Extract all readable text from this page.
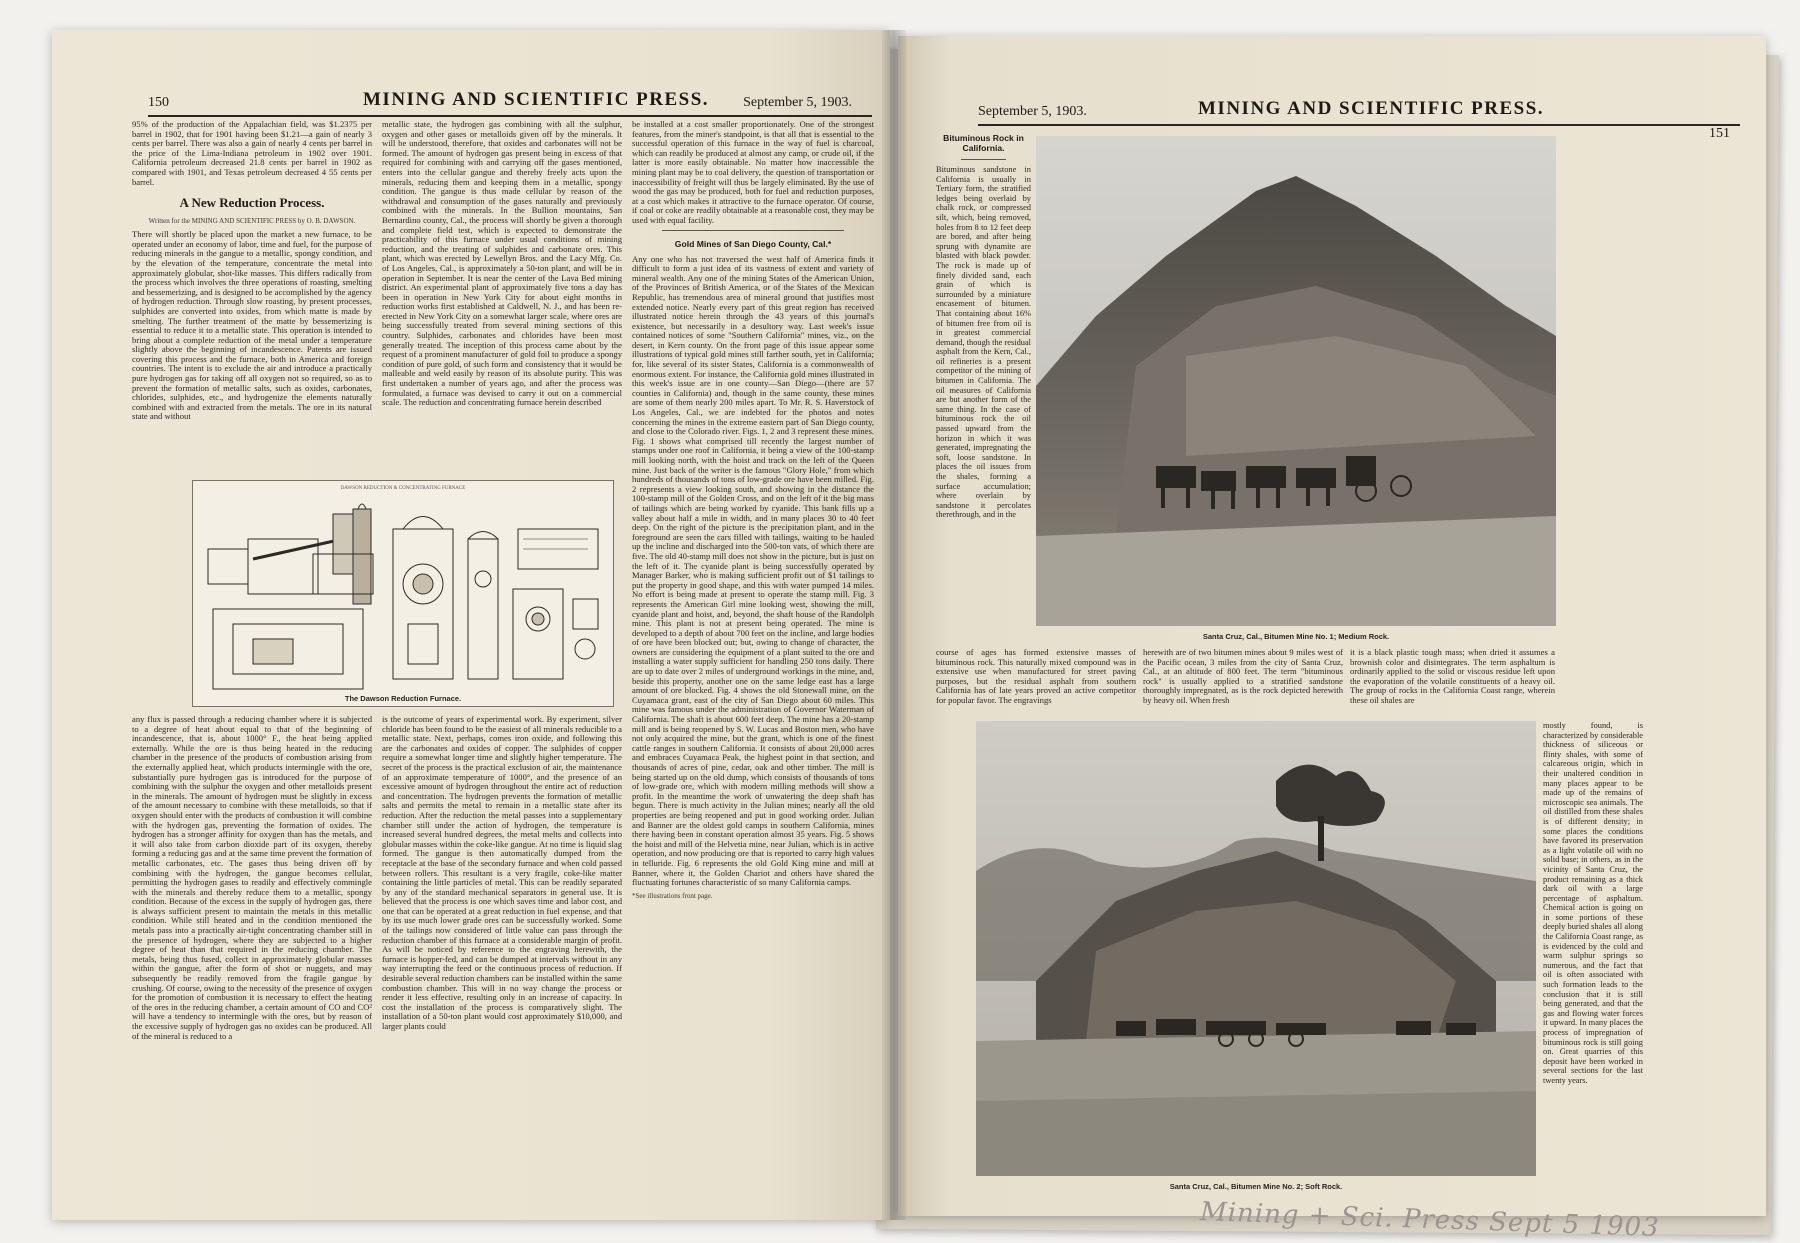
150	MINING AND SCIENTIFIC PRESS. September 5, 1903.

95% of the production of the Appalachian field, was $1.2375 per barrel in 1902, that for 1901 having been $1.21—a gain of nearly 3 cents per barrel. There was also a gain of nearly 4 cents per barrel in the price of the Lima-Indiana petroleum in 1902 over 1901. California petroleum decreased 21.8 cents per barrel in 1902 as compared with 1901, and Texas petroleum decreased 4 55 cents per barrel.

A New Reduction Process.
Written for the MINING AND SCIENTIFIC PRESS by O. B. DAWSON.

There will shortly be placed upon the market a new furnace, to be operated under an economy of labor, time and fuel, for the purpose of reducing minerals in the gangue to a metallic, spongy condition, and by the elevation of the temperature, concentrate the metal into approximately globular, shot-like masses. This differs radically from the process which involves the three operations of roasting, smelting and bessemerizing, and is designed to be accomplished by the agency of hydrogen reduction. Through slow roasting, by present processes, sulphides are converted into oxides, from which matte is made by smelting. The further treatment of the matte by bessemerizing is essential to reduce it to a metallic state. This operation is intended to bring about a complete reduction of the metal under a temperature slightly above the beginning of incandescence. Patents are issued covering this process and the furnace, both in America and foreign countries. The intent is to exclude the air and introduce a practically pure hydrogen gas for taking off all oxygen not so required, so as to prevent the formation of metallic salts, such as oxides, carbonates, chlorides, sulphides, etc., and hydrogenize the elements naturally combined with and extracted from the metals. The ore in its natural state and without

metallic state, the hydrogen gas combining with all the sulphur, oxygen and other gases or metalloids given off by the minerals. It will be understood, therefore, that oxides and carbonates will not be formed. The amount of hydrogen gas present being in excess of that required for combining with and carrying off the gases mentioned, enters into the cellular gangue and thereby freely acts upon the minerals, reducing them and keeping them in a metallic, spongy condition. The gangue is thus made cellular by reason of the withdrawal and consumption of the gases naturally and previously combined with the minerals. In the Bullion mountains, San Bernardino county, Cal., the process will shortly be given a thorough and complete field test, which is expected to demonstrate the practicability of this furnace under usual conditions of mining reduction, and the treating of sulphides and carbonate ores. This plant, which was erected by Lewellyn Bros. and the Lacy Mfg. Co. of Los Angeles, Cal., is approximately a 50-ton plant, and will be in operation in September. It is near the center of the Lava Bed mining district. An experimental plant of approximately five tons a day has been in operation in New York City for about eight months in reduction works first established at Caldwell, N. J., and has been re-erected in New York City on a somewhat larger scale, where ores are being successfully treated from several mining sections of this country. Sulphides, carbonates and chlorides have been most generally treated. The inception of this process came about by the request of a prominent manufacturer of gold foil to produce a spongy condition of pure gold, of such form and consistency that it would be malleable and weld easily by reason of its absolute purity. This was first undertaken a number of years ago, and after the process was formulated, a furnace was devised to carry it out on a commercial scale. The reduction and concentrating furnace herein described

be installed at a cost smaller proportionately. One of the strongest features, from the miner's standpoint, is that all that is essential to the successful operation of this furnace in the way of fuel is charcoal, which can readily be produced at almost any camp, or crude oil, if the latter is more easily obtainable. No matter how inaccessible the mining plant may be to coal delivery, the question of transportation or inaccessibility of freight will thus be largely eliminated. By the use of wood the gas may be produced, both for fuel and reduction purposes, at a cost which makes it attractive to the furnace operator. Of course, if coal or coke are readily obtainable at a reasonable cost, they may be used with equal facility.

Gold Mines of San Diego County, Cal.*

Any one who has not traversed the west half of America finds it difficult to form a just idea of its vastness of extent and variety of mineral wealth. Any one of the mining States of the American Union, of the Provinces of British America, or of the States of the Mexican Republic, has tremendous area of mineral ground that justifies most extended notice. Nearly every part of this great region has received illustrated notice herein through the 43 years of this journal's existence, but necessarily in a desultory way. Last week's issue contained notices of some "Southern California" mines, viz., on the desert, in Kern county. On the front page of this issue appear some illustrations of typical gold mines still farther south, yet in California; for, like several of its sister States, California is a commonwealth of enormous extent. For instance, the California gold mines illustrated in this week's issue are in one county—San Diego—(there are 57 counties in California) and, though in the same county, these mines are some of them nearly 200 miles apart. To Mr. R. S. Haverstock of Los Angeles, Cal., we are indebted for the photos and notes concerning the mines in the extreme eastern part of San Diego county, and close to the Colorado river. Figs. 1, 2 and 3 represent these mines. Fig. 1 shows what comprised till recently the largest number of stamps under one roof in California, it being a view of the 100-stamp mill looking north, with the hoist and track on the left of the Queen mine. Just back of the writer is the famous "Glory Hole," from which hundreds of thousands of tons of low-grade ore have been milled. Fig. 2 represents a view looking south, and showing in the distance the 100-stamp mill of the Golden Cross, and on the left of it the big mass of tailings which are being worked by cyanide. This bank fills up a valley about half a mile in width, and in many places 30 to 40 feet deep. On the right of the picture is the precipitation plant, and in the foreground are seen the cars filled with tailings, waiting to be hauled up the incline and discharged into the 500-ton vats, of which there are five. The old 40-stamp mill does not show in the picture, but is just on the left of it. The cyanide plant is being successfully operated by Manager Barker, who is making sufficient profit out of $1 tailings to put the property in good shape, and this with water pumped 14 miles. No effort is being made at present to operate the stamp mill. Fig. 3 represents the American Girl mine looking west, showing the mill, cyanide plant and hoist, and, beyond, the shaft house of the Randolph mine. This plant is not at present being operated. The mine is developed to a depth of about 700 feet on the incline, and large bodies of ore have been blocked out; but, owing to change of character, the owners are considering the equipment of a plant suited to the ore and installing a water supply sufficient for handling 250 tons daily. There are up to date over 2 miles of underground workings in the mine, and, beside this property, another one on the same ledge east has a large amount of ore blocked. Fig. 4 shows the old Stonewall mine, on the Cuyamaca grant, east of the city of San Diego about 60 miles. This mine was famous under the administration of Governor Waterman of California. The shaft is about 600 feet deep. The mine has a 20-stamp mill and is being reopened by S. W. Lucas and Boston men, who have not only acquired the mine, but the grant, which is one of the finest cattle ranges in southern California. It consists of about 20,000 acres and embraces Cuyamaca Peak, the highest point in that section, and thousands of acres of pine, cedar, oak and other timber. The mill is being started up on the old dump, which consists of thousands of tons of low-grade ore, which with modern milling methods will show a profit. In the meantime the work of unwatering the deep shaft has begun. There is much activity in the Julian mines; nearly all the old properties are being reopened and put in good working order. Julian and Banner are the oldest gold camps in southern California, mines there having been in constant operation almost 35 years. Fig. 5 shows the hoist and mill of the Helvetia mine, near Julian, which is in active operation, and now producing ore that is reported to carry high values in telluride. Fig. 6 represents the old Gold King mine and mill at Banner, where it, the Golden Chariot and others have shared the fluctuating fortunes characteristic of so many California camps.

*See illustrations front page.
DAWSON REDUCTION & CONCENTRATING FURNACE
The Dawson Reduction Furnace.

any flux is passed through a reducing chamber where it is subjected to a degree of heat about equal to that of the beginning of incandescence, that is, about 1000° F., the heat being applied externally. While the ore is thus being heated in the reducing chamber in the presence of the products of combustion arising from the externally applied heat, which products intermingle with the ore, substantially pure hydrogen gas is introduced for the purpose of combining with the sulphur the oxygen and other metalloids present in the minerals. The amount of hydrogen must be slightly in excess of the amount necessary to combine with these metalloids, so that if oxygen should enter with the products of combustion it will combine with the hydrogen gas, preventing the formation of oxides. The hydrogen has a stronger affinity for oxygen than has the metals, and it will also take from carbon dioxide part of its oxygen, thereby forming a reducing gas and at the same time prevent the formation of metallic carbonates, etc. The gases thus being driven off by combining with the hydrogen, the gangue becomes cellular, permitting the hydrogen gases to readily and effectively commingle with the minerals and thereby reduce them to a metallic, spongy condition. Because of the excess in the supply of hydrogen gas, there is always sufficient present to maintain the metals in this metallic condition. While still heated and in the condition mentioned the metals pass into a practically air-tight concentrating chamber still in the presence of hydrogen, where they are subjected to a higher degree of heat than that required in the reducing chamber. The metals, being thus fused, collect in approximately globular masses within the gangue, after the form of shot or nuggets, and may subsequently be readily removed from the fragile gangue by crushing. Of course, owing to the necessity of the presence of oxygen for the promotion of combustion it is necessary to effect the heating of the ores in the reducing chamber, a certain amount of CO and CO² will have a tendency to intermingle with the ores, but by reason of the excessive supply of hydrogen gas no oxides can be produced. All of the mineral is reduced to a

is the outcome of years of experimental work. By experiment, silver chloride has been found to be the easiest of all minerals reducible to a metallic state. Next, perhaps, comes iron oxide, and following this are the carbonates and oxides of copper. The sulphides of copper require a somewhat longer time and slightly higher temperature. The secret of the process is the practical exclusion of air, the maintenance of an approximate temperature of 1000°, and the presence of an excessive amount of hydrogen throughout the entire act of reduction and concentration. The hydrogen prevents the formation of metallic salts and permits the metal to remain in a metallic state after its reduction. After the reduction the metal passes into a supplementary chamber still under the action of hydrogen, the temperature is increased several hundred degrees, the metal melts and collects into globular masses within the coke-like gangue. At no time is liquid slag formed. The gangue is then automatically dumped from the receptacle at the base of the secondary furnace and when cold passed between rollers. This resultant is a very fragile, coke-like matter containing the little particles of metal. This can be readily separated by any of the standard mechanical separators in general use. It is believed that the process is one which saves time and labor cost, and one that can be operated at a great reduction in fuel expense, and that by its use much lower grade ores can be successfully worked. Some of the tailings now considered of little value can pass through the reduction chamber of this furnace at a considerable margin of profit. As will be noticed by reference to the engraving herewith, the furnace is hopper-fed, and can be dumped at intervals without in any way interrupting the feed or the continuous process of reduction. If desirable several reduction chambers can be installed within the same combustion chamber. This will in no way change the process or render it less effective, resulting only in an increase of capacity. In cost the installation of the process is comparatively slight. The installation of a 50-ton plant would cost approximately $10,000, and larger plants could

September 5, 1903.	MINING AND SCIENTIFIC PRESS.
151
Bituminous Rock in California.

Bituminous sandstone in California is usually in Tertiary form, the stratified ledges being overlaid by chalk rock, or compressed silt, which, being removed, holes from 8 to 12 feet deep are bored, and after being sprung with dynamite are blasted with black powder. The rock is made up of finely divided sand, each grain of which is surrounded by a miniature encasement of bitumen. That containing about 16% of bitumen free from oil is in greatest commercial demand, though the residual asphalt from the Kern, Cal., oil refineries is a present competitor of the mining of bitumen in California. The oil measures of California are but another form of the same thing. In the case of bituminous rock the oil passed upward from the horizon in which it was generated, impregnating the soft, loose sandstone. In places the oil issues from the shales, forming a surface accumulation; where overlain by sandstone it percolates therethrough, and in the

Santa Cruz, Cal., Bitumen Mine No. 1; Medium Rock.

course of ages has formed extensive masses of bituminous rock. This naturally mixed compound was in extensive use when manufactured for street paving purposes, but the residual asphalt from southern California has of late years proved an active competitor for popular favor. The engravings

herewith are of two bitumen mines about 9 miles west of the Pacific ocean, 3 miles from the city of Santa Cruz, Cal., at an altitude of 800 feet. The term "bituminous rock" is usually applied to a stratified sandstone thoroughly impregnated, as is the rock depicted herewith by heavy oil. When fresh

it is a black plastic tough mass; when dried it assumes a brownish color and disintegrates. The term asphaltum is ordinarily applied to the solid or viscous residue left upon the evaporation of the volatile constituents of a heavy oil. The group of rocks in the California Coast range, wherein these oil shales are

Santa Cruz, Cal., Bitumen Mine No. 2; Soft Rock.

mostly found, is characterized by considerable thickness of siliceous or flinty shales, with some of calcareous origin, which in their unaltered condition in many places appear to be made up of the remains of microscopic sea animals. The oil distilled from these shales is of different density; in some places the conditions have favored its preservation as a light volatile oil with no solid base; in others, as in the vicinity of Santa Cruz, the product remaining as a thick dark oil with a large percentage of asphaltum. Chemical action is going on in some portions of these deeply buried shales all along the California Coast range, as is evidenced by the cold and warm sulphur springs so numerous, and the fact that oil is often associated with such formation leads to the conclusion that it is still being generated, and that the gas and flowing water forces it upward. In many places the process of impregnation of bituminous rock is still going on. Great quarries of this deposit have been worked in several sections for the last twenty years.

Mining + Sci. Press Sept 5 1903
